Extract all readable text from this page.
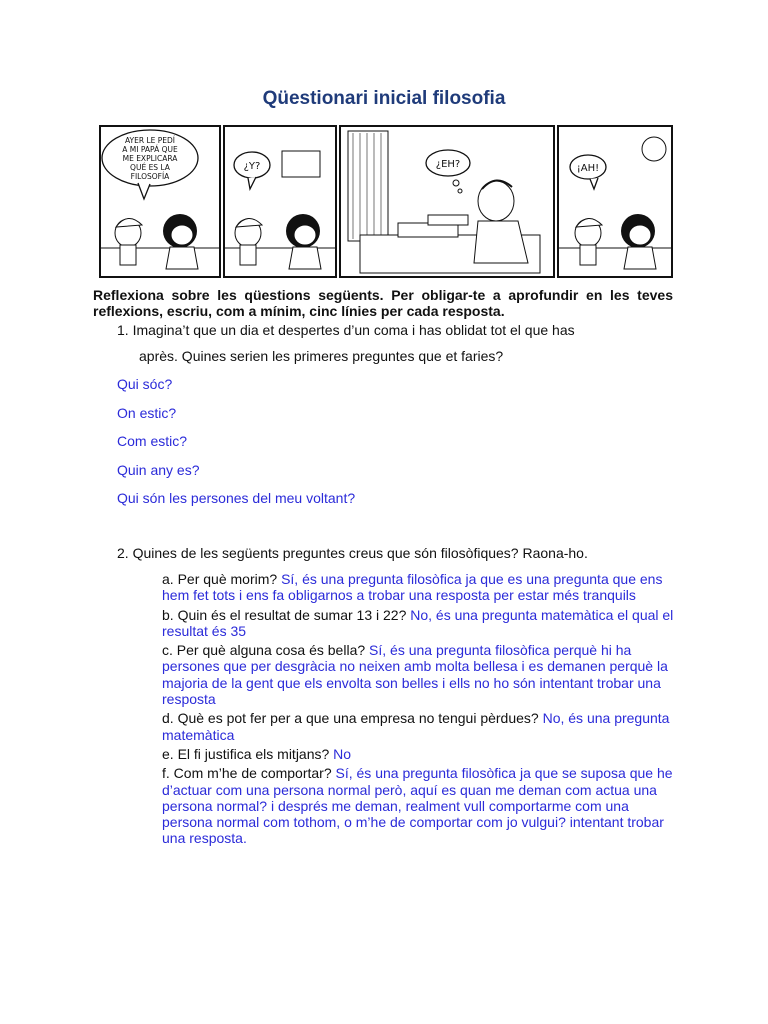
Qüestionari inicial filosofia
AYER LE PEDÍ
A MI PAPÁ QUE
ME EXPLICARA
QUÉ ES LA
FILOSOFÍA
¿Y?	¿EH?	¡AH!
Reflexiona sobre les qüestions següents. Per obligar-te a aprofundir en les teves reflexions, escriu, com a mínim, cinc línies per cada resposta.
1. Imagina’t que un dia et despertes d’un coma i has oblidat tot el que has
après. Quines serien les primeres preguntes que et faries?
Qui sóc?
On estic?
Com estic?
Quin any es?
Qui són les persones del meu voltant?
2. Quines de les següents preguntes creus que són filosòfiques? Raona-ho.
a. Per què morim? Sí, és una pregunta filosòfica ja que es una pregunta que ens hem fet tots i ens fa obligarnos a trobar una resposta per estar més tranquils
b. Quin és el resultat de sumar 13 i 22? No, és una pregunta matemàtica el qual el resultat és 35
c. Per què alguna cosa és bella? Sí, és una pregunta filosòfica perquè hi ha persones que per desgràcia no neixen amb molta bellesa i es demanen perquè la majoria de la gent que els envolta son belles i ells no ho són intentant trobar una resposta
d. Què es pot fer per a que una empresa no tengui pèrdues? No, és una pregunta matemàtica
e. El fi justifica els mitjans? No
f. Com m’he de comportar? Sí, és una pregunta filosòfica ja que se suposa que he d’actuar com una persona normal però, aquí es quan me deman com actua una persona normal? i després me deman, realment vull comportarme com una persona normal com tothom, o m’he de comportar com jo vulgui? intentant trobar una resposta.
